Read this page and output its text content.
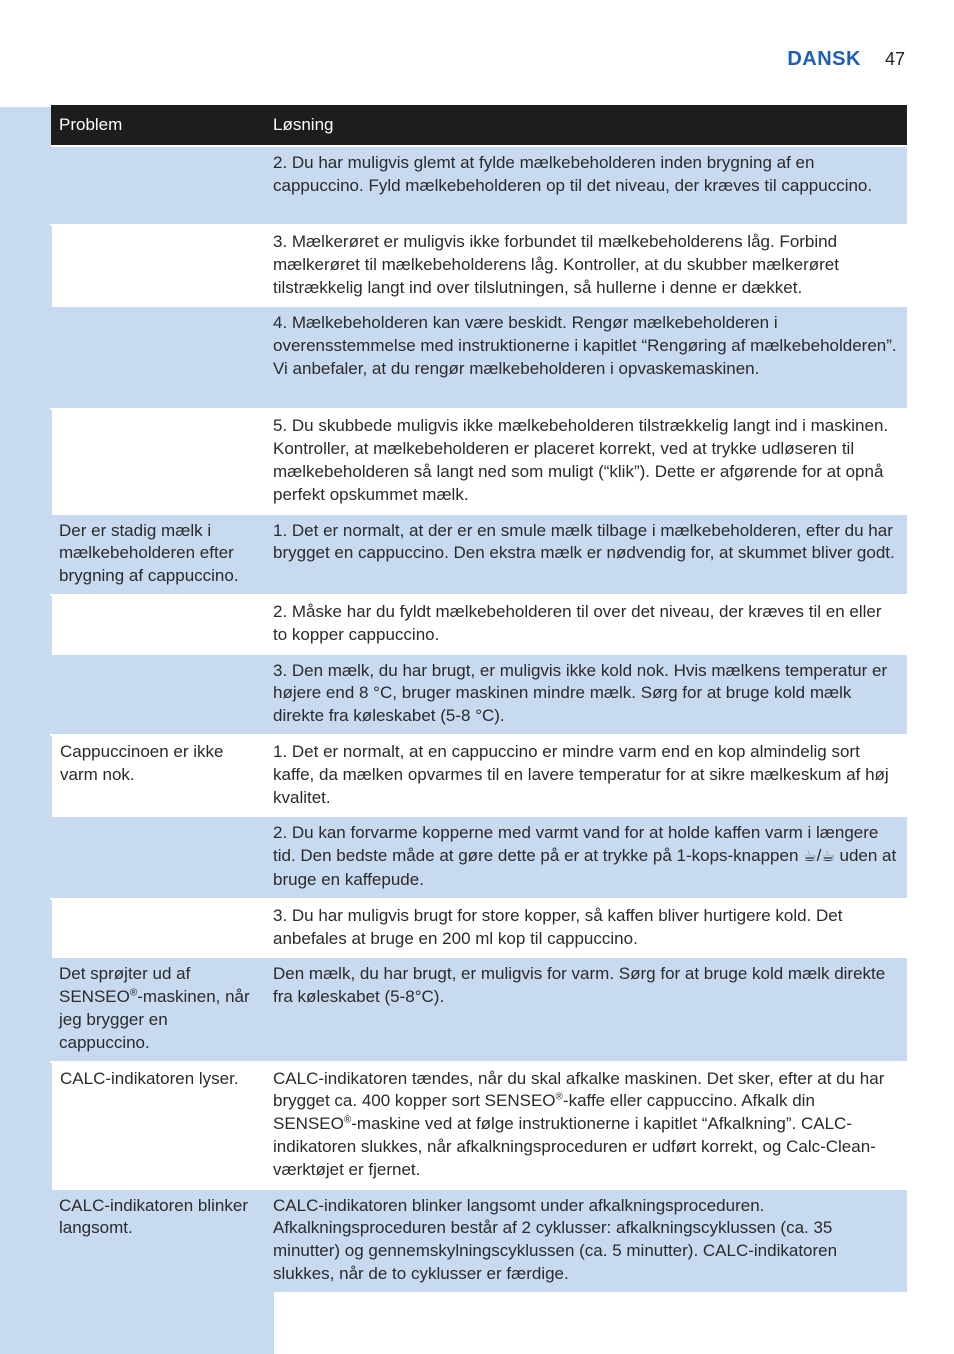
DANSK 47
Problem	Løsning
	2. Du har muligvis glemt at fylde mælkebeholderen inden brygning af en cappuccino. Fyld mælkebeholderen op til det niveau, der kræves til cappuccino.
	3. Mælkerøret er muligvis ikke forbundet til mælkebeholderens låg. Forbind mælkerøret til mælkebeholderens låg. Kontroller, at du skubber mælkerøret tilstrækkelig langt ind over tilslutningen, så hullerne i denne er dækket.
	4. Mælkebeholderen kan være beskidt. Rengør mælkebeholderen i overensstemmelse med instruktionerne i kapitlet “Rengøring af mælkebeholderen”. Vi anbefaler, at du rengør mælkebeholderen i opvaskemaskinen.
	5. Du skubbede muligvis ikke mælkebeholderen tilstrækkelig langt ind i maskinen. Kontroller, at mælkebeholderen er placeret korrekt, ved at trykke udløseren til mælkebeholderen så langt ned som muligt (“klik”). Dette er afgørende for at opnå perfekt opskummet mælk.
Der er stadig mælk i mælkebeholderen efter brygning af cappuccino.	1. Det er normalt, at der er en smule mælk tilbage i mælkebeholderen, efter du har brygget en cappuccino. Den ekstra mælk er nødvendig for, at skummet bliver godt.
	2. Måske har du fyldt mælkebeholderen til over det niveau, der kræves til en eller to kopper cappuccino.
	3. Den mælk, du har brugt, er muligvis ikke kold nok. Hvis mælkens temperatur er højere end 8 °C, bruger maskinen mindre mælk. Sørg for at bruge kold mælk direkte fra køleskabet (5-8 °C).
Cappuccinoen er ikke varm nok.	1. Det er normalt, at en cappuccino er mindre varm end en kop almindelig sort kaffe, da mælken opvarmes til en lavere temperatur for at sikre mælkeskum af høj kvalitet.
	2. Du kan forvarme kopperne med varmt vand for at holde kaffen varm i længere tid. Den bedste måde at gøre dette på er at trykke på 1-kops-knappen ☕/☕ uden at bruge en kaffepude.
	3. Du har muligvis brugt for store kopper, så kaffen bliver hurtigere kold. Det anbefales at bruge en 200 ml kop til cappuccino.
Det sprøjter ud af SENSEO®-maskinen, når jeg brygger en cappuccino.	Den mælk, du har brugt, er muligvis for varm. Sørg for at bruge kold mælk direkte fra køleskabet (5-8°C).
CALC-indikatoren lyser.	CALC-indikatoren tændes, når du skal afkalke maskinen. Det sker, efter at du har brygget ca. 400 kopper sort SENSEO®-kaffe eller cappuccino. Afkalk din SENSEO®-maskine ved at følge instruktionerne i kapitlet “Afkalkning”. CALC-indikatoren slukkes, når afkalkningsproceduren er udført korrekt, og Calc-Clean-værktøjet er fjernet.
CALC-indikatoren blinker langsomt.	CALC-indikatoren blinker langsomt under afkalkningsproceduren. Afkalkningsproceduren består af 2 cyklusser: afkalkningscyklussen (ca. 35 minutter) og gennemskylningscyklussen (ca. 5 minutter). CALC-indikatoren slukkes, når de to cyklusser er færdige.
